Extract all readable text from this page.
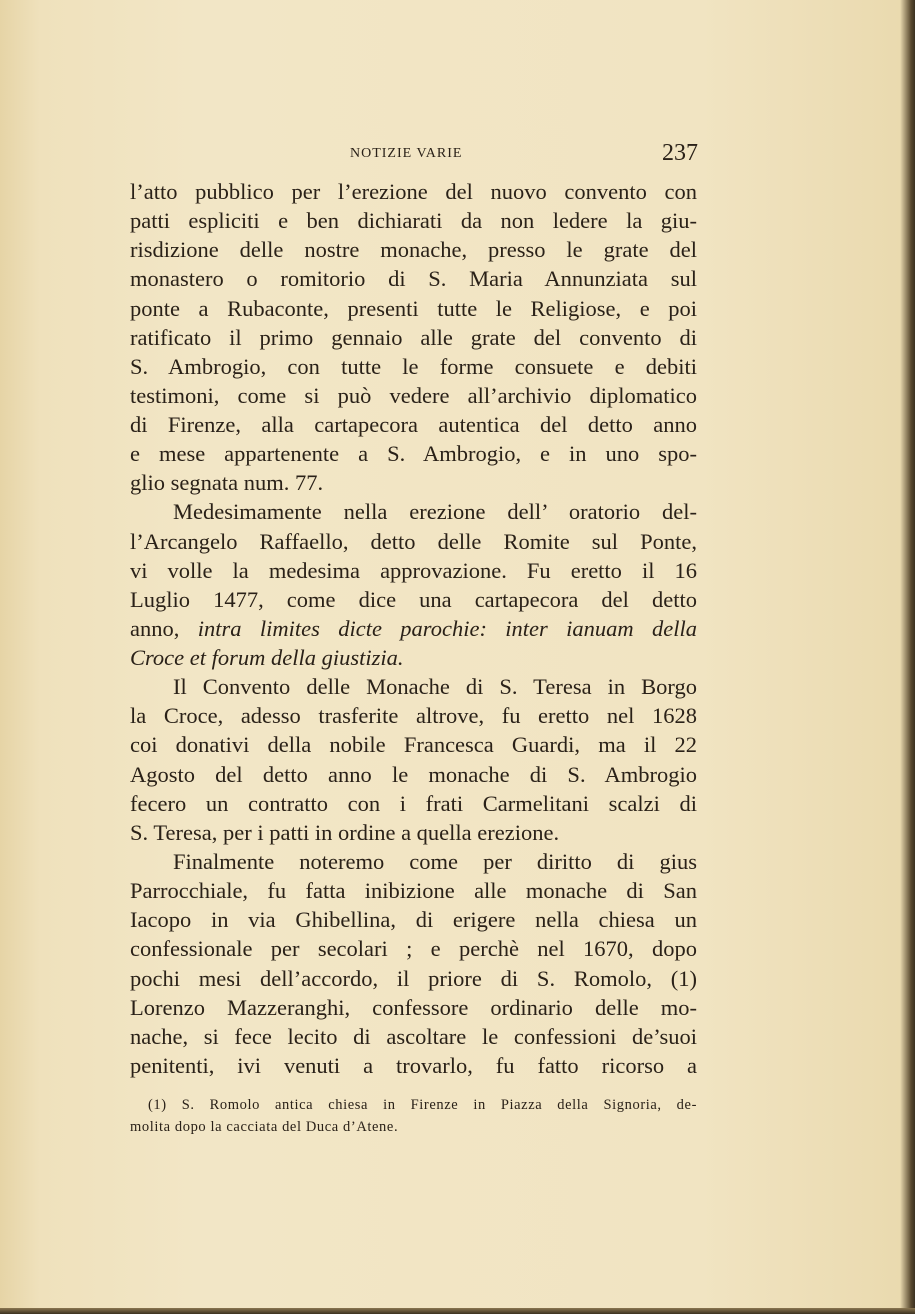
NOTIZIE VARIE	237
l’atto pubblico per l’erezione del nuovo convento con
patti espliciti e ben dichiarati da non ledere la giu-
risdizione delle nostre monache, presso le grate del
monastero o romitorio di S. Maria Annunziata sul
ponte a Rubaconte, presenti tutte le Religiose, e poi
ratificato il primo gennaio alle grate del convento di
S. Ambrogio, con tutte le forme consuete e debiti
testimoni, come si può vedere all’archivio diplomatico
di Firenze, alla cartapecora autentica del detto anno
e mese appartenente a S. Ambrogio, e in uno spo-
glio segnata num. 77.
Medesimamente nella erezione dell’ oratorio del-
l’Arcangelo Raffaello, detto delle Romite sul Ponte,
vi volle la medesima approvazione. Fu eretto il 16
Luglio 1477, come dice una cartapecora del detto
anno, intra limites dicte parochie: inter ianuam della
Croce et forum della giustizia.
Il Convento delle Monache di S. Teresa in Borgo
la Croce, adesso trasferite altrove, fu eretto nel 1628
coi donativi della nobile Francesca Guardi, ma il 22
Agosto del detto anno le monache di S. Ambrogio
fecero un contratto con i frati Carmelitani scalzi di
S. Teresa, per i patti in ordine a quella erezione.
Finalmente noteremo come per diritto di gius
Parrocchiale, fu fatta inibizione alle monache di San
Iacopo in via Ghibellina, di erigere nella chiesa un
confessionale per secolari ; e perchè nel 1670, dopo
pochi mesi dell’accordo, il priore di S. Romolo, (1)
Lorenzo Mazzeranghi, confessore ordinario delle mo-
nache, si fece lecito di ascoltare le confessioni de’suoi
penitenti, ivi venuti a trovarlo, fu fatto ricorso a
(1) S. Romolo antica chiesa in Firenze in Piazza della Signoria, de-
molita dopo la cacciata del Duca d’Atene.
